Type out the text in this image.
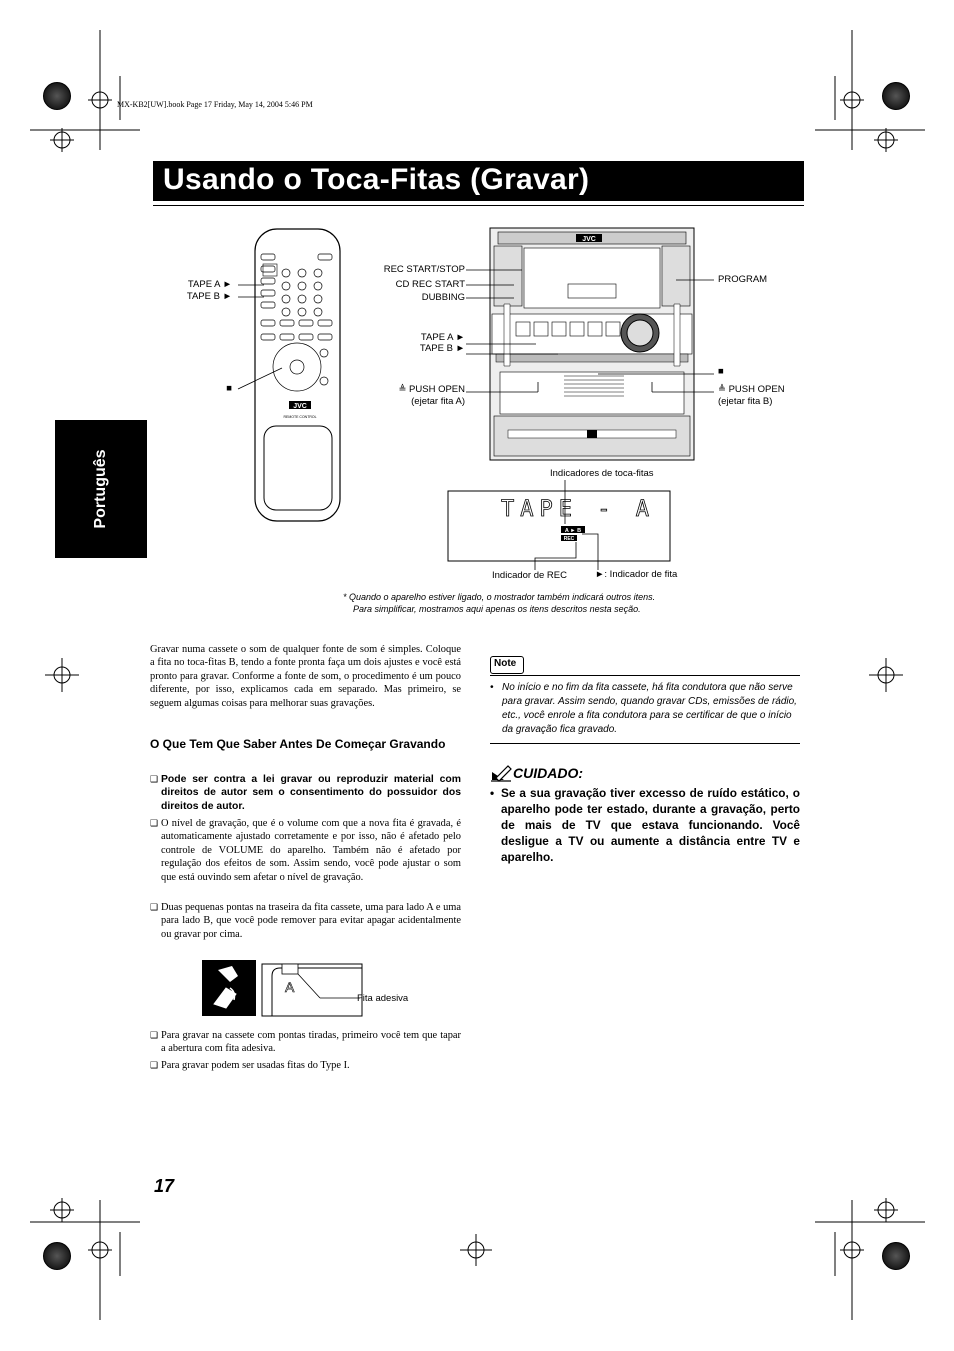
MX-KB2[UW].book Page 17 Friday, May 14, 2004 5:46 PM
Usando o Toca-Fitas (Gravar)
Português
JVC
REMOTE CONTROL
TAPE A ►
TAPE B ►
■
JVC
REC START/STOP
CD REC START
DUBBING
TAPE A ►
TAPE B ►
≜ PUSH OPEN
(ejetar fita A)
PROGRAM
■
≜ PUSH OPEN
(ejetar fita B)
Indicadores de toca-fitas
TAPE - A
A ► B
REC
Indicador de REC	►: Indicador de fita
* Quando o aparelho estiver ligado, o mostrador também indicará outros itens.
Para simplificar, mostramos aqui apenas os itens descritos nesta seção.
Gravar numa cassete o som de qualquer fonte de som é simples. Coloque a fita no toca-fitas B, tendo a fonte pronta faça um dois ajustes e você está pronto para gravar. Conforme a fonte de som, o procedimento é um pouco diferente, por isso, explicamos cada em separado. Mas primeiro, se seguem algumas coisas para melhorar suas gravações.
O Que Tem Que Saber Antes De Começar Gravando
❑ Pode ser contra a lei gravar ou reproduzir material com direitos de autor sem o consentimento do possuidor dos direitos de autor.
❑ O nível de gravação, que é o volume com que a nova fita é gravada, é automaticamente ajustado corretamente e por isso, não é afetado pelo controle de VOLUME do aparelho. Também não é afetado por regulação dos efeitos de som. Assim sendo, você pode ajustar o som que está ouvindo sem afetar o nível de gravação.
❑ Duas pequenas pontas na traseira da fita cassete, uma para lado A e uma para lado B, que você pode remover para evitar apagar acidentalmente ou gravar por cima.
A
Fita adesiva
❑ Para gravar na cassete com pontas tiradas, primeiro você tem que tapar a abertura com fita adesiva.
❑ Para gravar podem ser usadas fitas do Type I.
Note
• No início e no fim da fita cassete, há fita condutora que não serve para gravar. Assim sendo, quando gravar CDs, emissões de rádio, etc., você enrole a fita condutora para se certificar de que o início da gravação fica gravado.
CUIDADO:
• Se a sua gravação tiver excesso de ruído estático, o aparelho pode ter estado, durante a gravação, perto de mais de TV que estava funcionando. Você desligue a TV ou aumente a distância entre TV e aparelho.
17
